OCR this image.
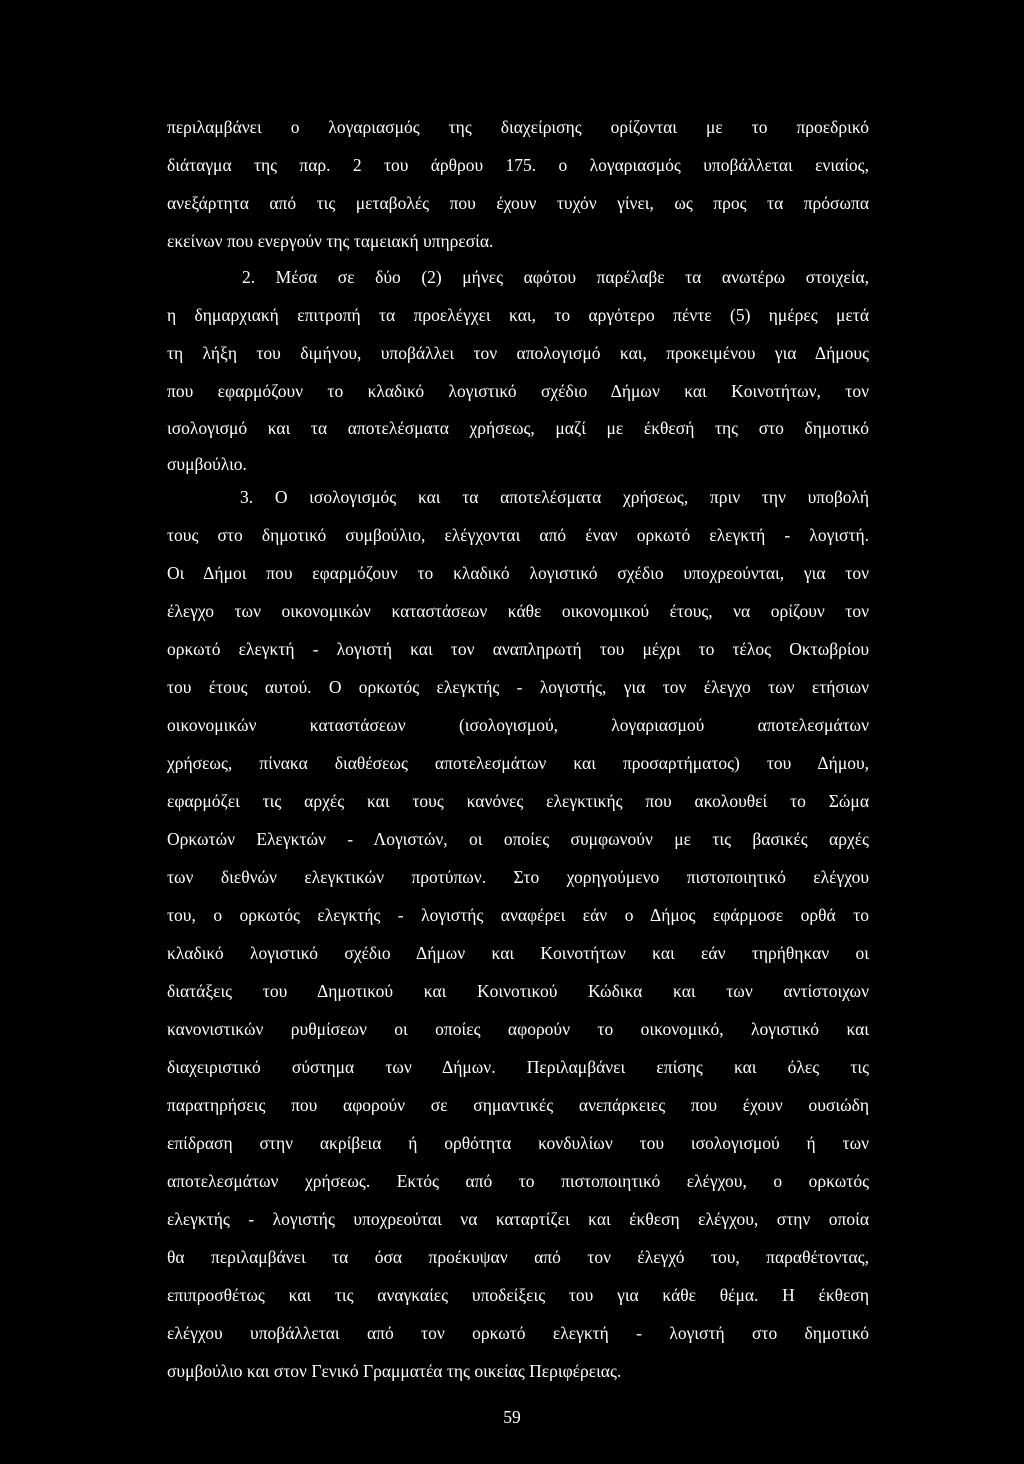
περιλαμβάνει ο λογαριασμός της διαχείρισης ορίζονται με το προεδρικό
διάταγμα της παρ. 2 του άρθρου 175. ο λογαριασμός υποβάλλεται ενιαίος,
ανεξάρτητα από τις μεταβολές που έχουν τυχόν γίνει, ως προς τα πρόσωπα
εκείνων που ενεργούν της ταμειακή υπηρεσία.
2. Μέσα σε δύο (2) μήνες αφότου παρέλαβε τα ανωτέρω στοιχεία,
η δημαρχιακή επιτροπή τα προελέγχει και, το αργότερο πέντε (5) ημέρες μετά
τη λήξη του διμήνου, υποβάλλει τον απολογισμό και, προκειμένου για Δήμους
που εφαρμόζουν το κλαδικό λογιστικό σχέδιο Δήμων και Κοινοτήτων, τον
ισολογισμό και τα αποτελέσματα χρήσεως, μαζί με έκθεσή της στο δημοτικό
συμβούλιο.
3. Ο ισολογισμός και τα αποτελέσματα χρήσεως, πριν την υποβολή
τους στο δημοτικό συμβούλιο, ελέγχονται από έναν ορκωτό ελεγκτή - λογιστή.
Οι Δήμοι που εφαρμόζουν το κλαδικό λογιστικό σχέδιο υποχρεούνται, για τον
έλεγχο των οικονομικών καταστάσεων κάθε οικονομικού έτους, να ορίζουν τον
ορκωτό ελεγκτή - λογιστή και τον αναπληρωτή του μέχρι το τέλος Οκτωβρίου
του έτους αυτού. Ο ορκωτός ελεγκτής - λογιστής, για τον έλεγχο των ετήσιων
οικονομικών καταστάσεων (ισολογισμού, λογαριασμού αποτελεσμάτων
χρήσεως, πίνακα διαθέσεως αποτελεσμάτων και προσαρτήματος) του Δήμου,
εφαρμόζει τις αρχές και τους κανόνες ελεγκτικής που ακολουθεί το Σώμα
Ορκωτών Ελεγκτών - Λογιστών, οι οποίες συμφωνούν με τις βασικές αρχές
των διεθνών ελεγκτικών προτύπων. Στο χορηγούμενο πιστοποιητικό ελέγχου
του, ο ορκωτός ελεγκτής - λογιστής αναφέρει εάν ο Δήμος εφάρμοσε ορθά το
κλαδικό λογιστικό σχέδιο Δήμων και Κοινοτήτων και εάν τηρήθηκαν οι
διατάξεις του Δημοτικού και Κοινοτικού Κώδικα και των αντίστοιχων
κανονιστικών ρυθμίσεων οι οποίες αφορούν το οικονομικό, λογιστικό και
διαχειριστικό σύστημα των Δήμων. Περιλαμβάνει επίσης και όλες τις
παρατηρήσεις που αφορούν σε σημαντικές ανεπάρκειες που έχουν ουσιώδη
επίδραση στην ακρίβεια ή ορθότητα κονδυλίων του ισολογισμού ή των
αποτελεσμάτων χρήσεως. Εκτός από το πιστοποιητικό ελέγχου, ο ορκωτός
ελεγκτής - λογιστής υποχρεούται να καταρτίζει και έκθεση ελέγχου, στην οποία
θα περιλαμβάνει τα όσα προέκυψαν από τον έλεγχό του, παραθέτοντας,
επιπροσθέτως και τις αναγκαίες υποδείξεις του για κάθε θέμα. Η έκθεση
ελέγχου υποβάλλεται από τον ορκωτό ελεγκτή - λογιστή στο δημοτικό
συμβούλιο και στον Γενικό Γραμματέα της οικείας Περιφέρειας.
59
